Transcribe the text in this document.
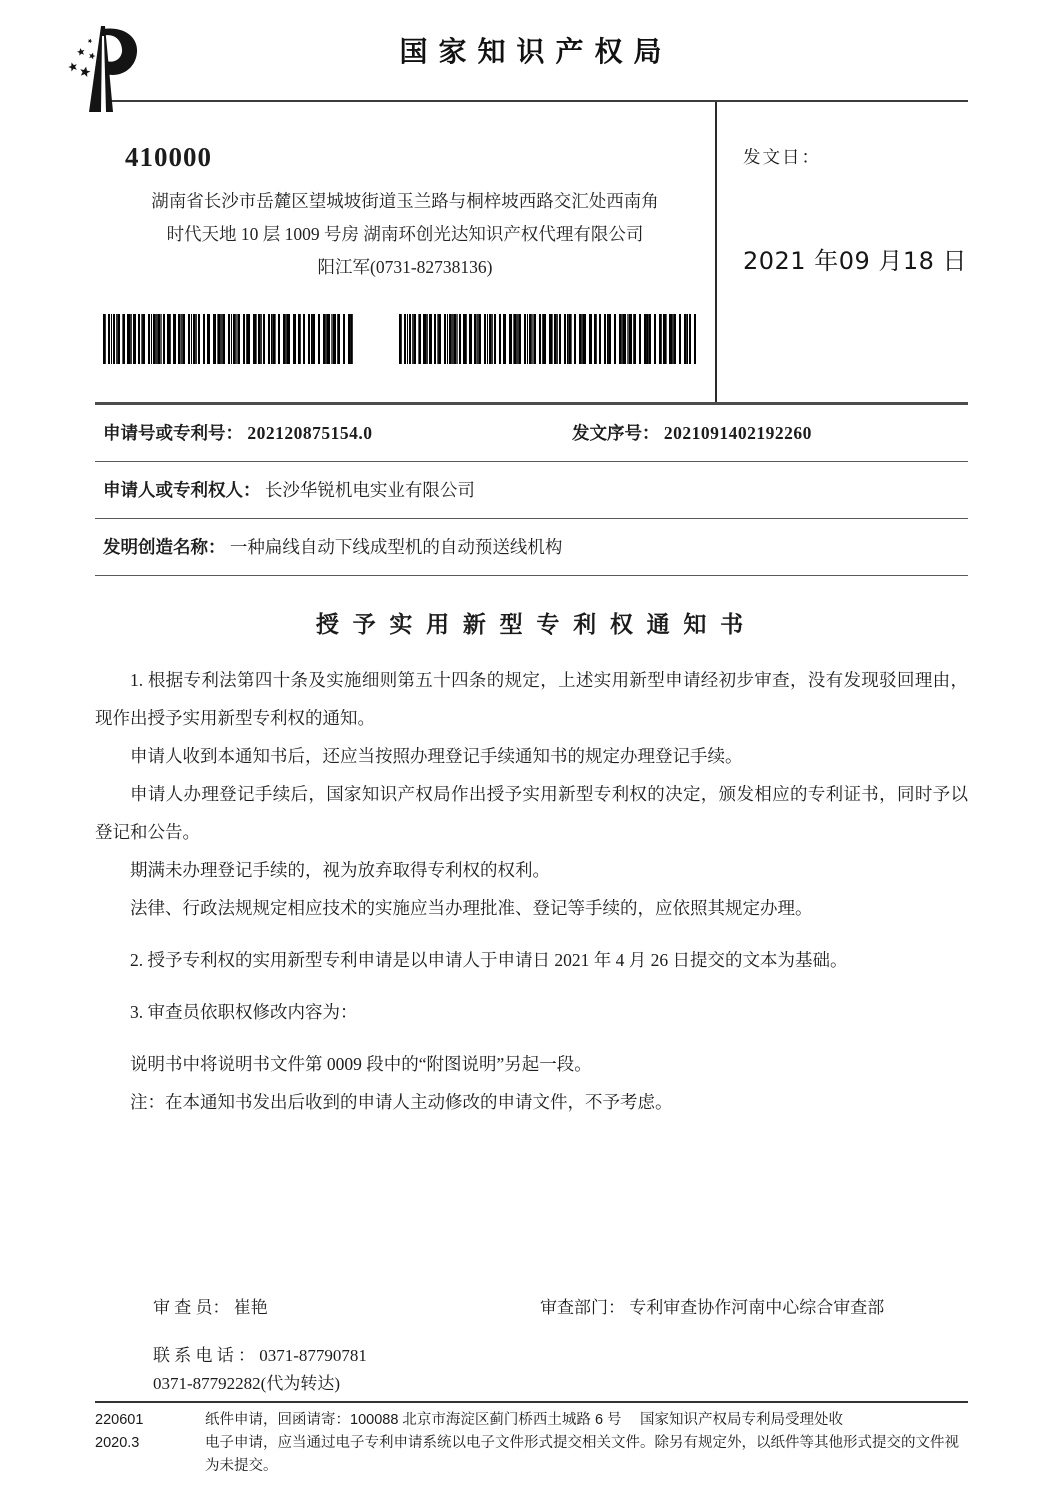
国 家 知 识 产 权 局
410000
湖南省长沙市岳麓区望城坡街道玉兰路与桐梓坡西路交汇处西南角
时代天地 10 层 1009 号房 湖南环创光达知识产权代理有限公司
阳江军(0731-82738136)
发文日：
2021 年09 月18 日
申请号或专利号： 202120875154.0	发文序号： 2021091402192260
申请人或专利权人： 长沙华锐机电实业有限公司
发明创造名称： 一种扁线自动下线成型机的自动预送线机构
授 予 实 用 新 型 专 利 权 通 知 书

1. 根据专利法第四十条及实施细则第五十四条的规定，上述实用新型申请经初步审查，没有发现驳回理由，现作出授予实用新型专利权的通知。

申请人收到本通知书后，还应当按照办理登记手续通知书的规定办理登记手续。

申请人办理登记手续后，国家知识产权局作出授予实用新型专利权的决定，颁发相应的专利证书，同时予以登记和公告。

期满未办理登记手续的，视为放弃取得专利权的权利。

法律、行政法规规定相应技术的实施应当办理批准、登记等手续的，应依照其规定办理。

2. 授予专利权的实用新型专利申请是以申请人于申请日 2021 年 4 月 26 日提交的文本为基础。

3. 审查员依职权修改内容为：

说明书中将说明书文件第 0009 段中的“附图说明”另起一段。

注：在本通知书发出后收到的申请人主动修改的申请文件，不予考虑。

审 查 员： 崔艳	审查部门： 专利审查协作河南中心综合审查部
联 系 电 话 ： 0371-87790781
0371-87792282(代为转达)
220601
2020.3
纸件申请，回函请寄：100088 北京市海淀区蓟门桥西土城路 6 号　 国家知识产权局专利局受理处收
电子申请，应当通过电子专利申请系统以电子文件形式提交相关文件。除另有规定外，以纸件等其他形式提交的文件视为未提交。
